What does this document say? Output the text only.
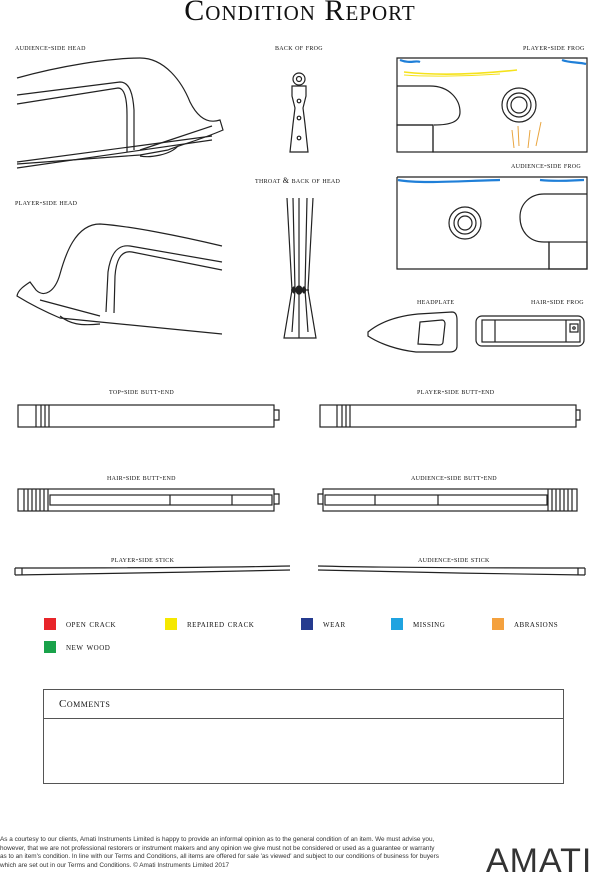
Condition Report
audience-side head	back of frog	player-side frog
audience-side frog
throat & back of head
player-side head
headplate	hair-side frog
top-side butt-end	player-side butt-end
hair-side butt-end	audience-side butt-end
player-side stick	audience-side stick
open crack	repaired crack	wear	missing	abrasions
new wood
Comments
As a courtesy to our clients, Amati Instruments Limited is happy to provide an informal opinion as to the general condition of an item. We must advise you, however, that we are not professional restorers or instrument makers and any opinion we give must not be considered or used as a guarantee or warranty as to an item's condition. In line with our Terms and Conditions, all items are offered for sale 'as viewed' and subject to our conditions of business for buyers which are set out in our Terms and Conditions. © Amati Instruments Limited 2017	AMATI
